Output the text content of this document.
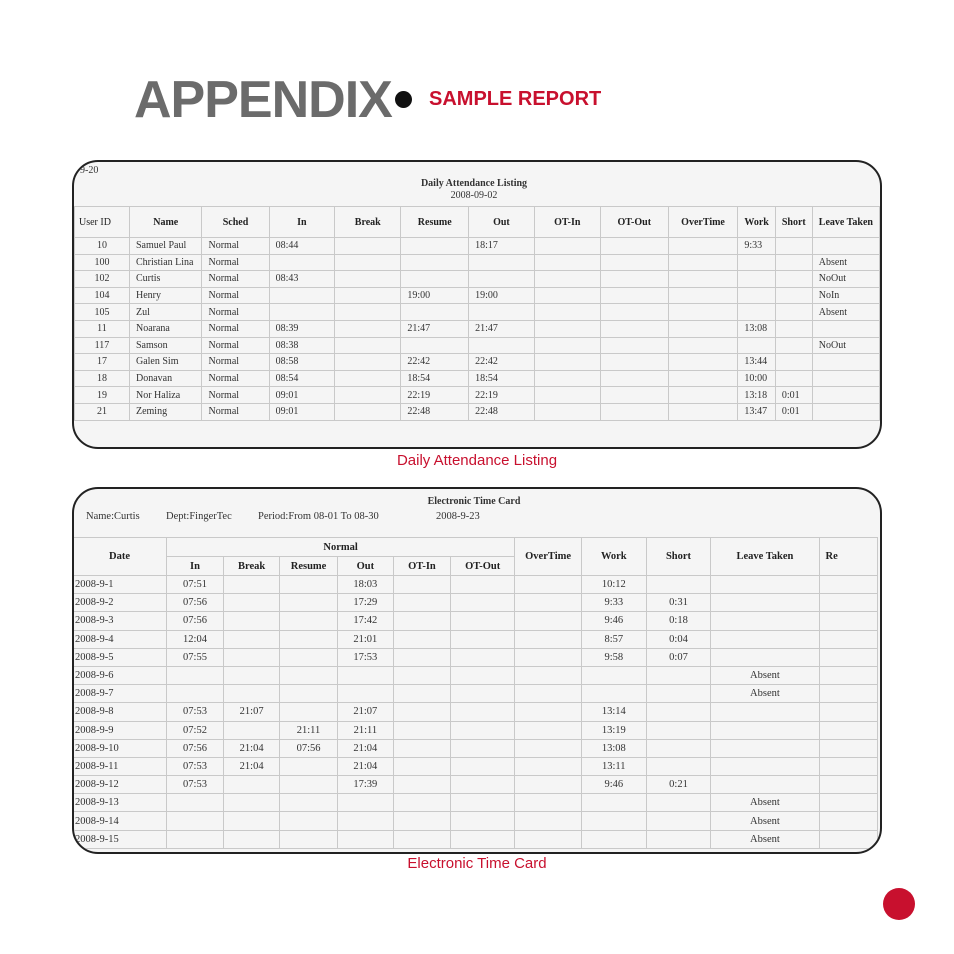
APPENDIX SAMPLE REPORT
9-20
Daily Attendance Listing
2008-09-02
User ID	Name	Sched	In	Break	Resume	Out	OT-In	OT-Out	OverTime	Work	Short	Leave Taken
10	Samuel Paul	Normal	08:44			18:17				9:33		
100	Christian Lina	Normal										Absent
102	Curtis	Normal	08:43									NoOut
104	Henry	Normal			19:00	19:00						NoIn
105	Zul	Normal										Absent
11	Noarana	Normal	08:39		21:47	21:47				13:08		
117	Samson	Normal	08:38									NoOut
17	Galen Sim	Normal	08:58		22:42	22:42				13:44		
18	Donavan	Normal	08:54		18:54	18:54				10:00		
19	Nor Haliza	Normal	09:01		22:19	22:19				13:18	0:01	
21	Zeming	Normal	09:01		22:48	22:48				13:47	0:01	
Daily Attendance Listing
Electronic Time Card
Name:Curtis	Dept:FingerTec	Period:From 08-01 To 08-30	2008-9-23
Date	Normal						OverTime	Work	Short	Leave Taken	Re
	In	Break	Resume	Out	OT-In	OT-Out					
2008-9-1	07:51			18:03				10:12			
2008-9-2	07:56			17:29				9:33	0:31		
2008-9-3	07:56			17:42				9:46	0:18		
2008-9-4	12:04			21:01				8:57	0:04		
2008-9-5	07:55			17:53				9:58	0:07		
2008-9-6										Absent	
2008-9-7										Absent	
2008-9-8	07:53	21:07		21:07				13:14			
2008-9-9	07:52		21:11	21:11				13:19			
2008-9-10	07:56	21:04	07:56	21:04				13:08			
2008-9-11	07:53	21:04		21:04				13:11			
2008-9-12	07:53			17:39				9:46	0:21		
2008-9-13										Absent	
2008-9-14										Absent	
2008-9-15										Absent	
Electronic Time Card
